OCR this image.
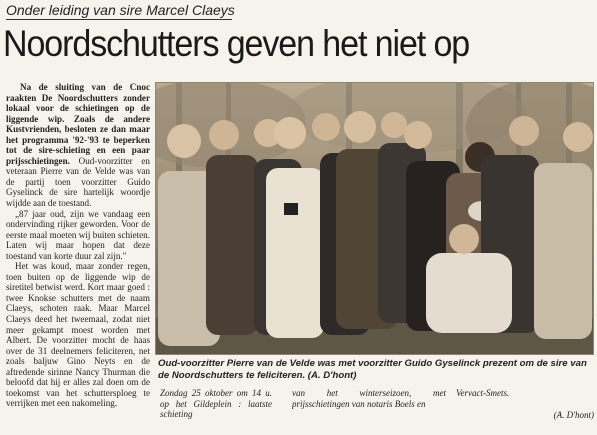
Onder leiding van sire Marcel Claeys
Noordschutters geven het niet op

Na de sluiting van de Cnoc raakten De Noordschutters zonder lokaal voor de schietingen op de liggende wip. Zoals de andere Kustvrienden, besloten ze dan maar het programma '92-'93 te beperken tot de sire-schieting en een paar prijsschietingen. Oud-voorzitter en veteraan Pierre van de Velde was van de partij toen voorzitter Guido Gyselinck de sire hartelijk woordje wijdde aan de toestand.

„87 jaar oud, zijn we vandaag een ondervinding rijker geworden. Voor de eerste maal moeten wij buiten schieten. Laten wij maar hopen dat deze toestand van korte duur zal zijn."

Het was koud, maar zonder regen, toen buiten op de liggende wip de siretitel betwist werd. Kort maar goed : twee Knokse schutters met de naam Claeys, schoten raak. Maar Marcel Claeys deed het tweemaal, zodat niet meer gekampt moest worden met Albert. De voorzitter mocht de haas over de 31 deelnemers feliciteren, net zoals baljuw Gino Neyts en de aftredende sirinne Nancy Thurman die beloofd dat hij er alles zal doen om de toekomst van het schuttersploeg te verrijken met een nakomeling.

Oud-voorzitter Pierre van de Velde was met voorzitter Guido Gyselinck prezent om de sire van de Noordschutters te feliciteren. (A. D'hont)
Zondag 25 oktober om 14 u. op het Gildeplein : laatste schieting
van het winterseizoen, met prijsschietingen van notaris Boels en
Vervact-Smets.
(A. D'hont)
